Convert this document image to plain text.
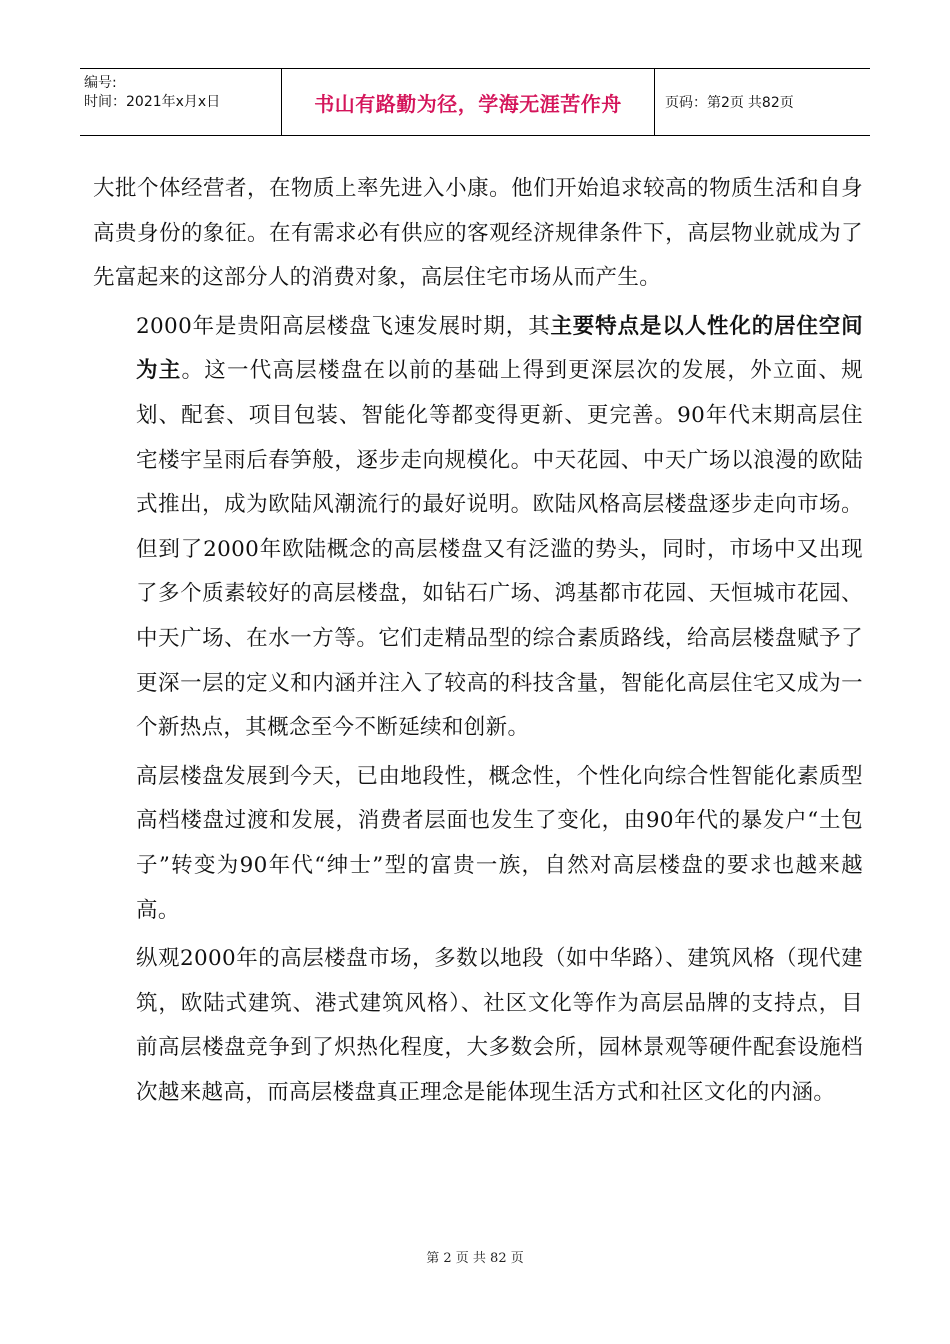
编号:
时间：2021年x月x日	书山有路勤为径，学海无涯苦作舟	页码：第2页 共82页

大批个体经营者，在物质上率先进入小康。他们开始追求较高的物质生活和自身高贵身份的象征。在有需求必有供应的客观经济规律条件下，高层物业就成为了先富起来的这部分人的消费对象，高层住宅市场从而产生。

2000年是贵阳高层楼盘飞速发展时期，其主要特点是以人性化的居住空间为主。这一代高层楼盘在以前的基础上得到更深层次的发展，外立面、规划、配套、项目包装、智能化等都变得更新、更完善。90年代末期高层住宅楼宇呈雨后春笋般，逐步走向规模化。中天花园、中天广场以浪漫的欧陆式推出，成为欧陆风潮流行的最好说明。欧陆风格高层楼盘逐步走向市场。但到了2000年欧陆概念的高层楼盘又有泛滥的势头，同时，市场中又出现了多个质素较好的高层楼盘，如钻石广场、鸿基都市花园、天恒城市花园、中天广场、在水一方等。它们走精品型的综合素质路线，给高层楼盘赋予了更深一层的定义和内涵并注入了较高的科技含量，智能化高层住宅又成为一个新热点，其概念至今不断延续和创新。

高层楼盘发展到今天，已由地段性，概念性，个性化向综合性智能化素质型高档楼盘过渡和发展，消费者层面也发生了变化，由90年代的暴发户“土包子”转变为90年代“绅士”型的富贵一族，自然对高层楼盘的要求也越来越高。

纵观2000年的高层楼盘市场，多数以地段（如中华路）、建筑风格（现代建筑，欧陆式建筑、港式建筑风格）、社区文化等作为高层品牌的支持点，目前高层楼盘竞争到了炽热化程度，大多数会所，园林景观等硬件配套设施档次越来越高，而高层楼盘真正理念是能体现生活方式和社区文化的内涵。

第 2 页 共 82 页
